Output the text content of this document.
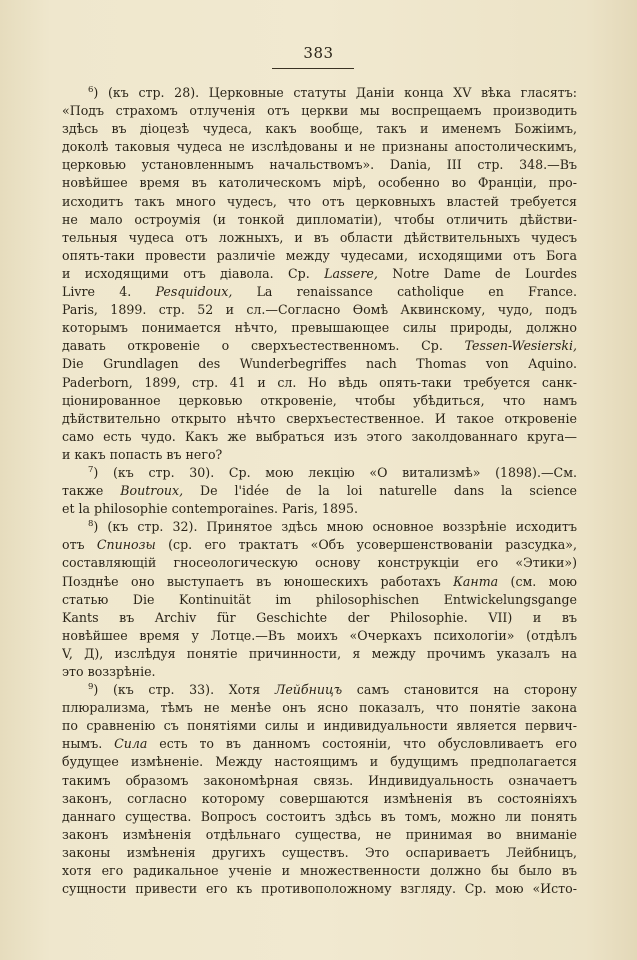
383
$^6$) (къ стр. 28). Церковные статуты Даніи конца XV вѣка гласятъ:
«Подъ страхомъ отлученія отъ церкви мы воспрещаемъ производить
здѣсь въ діоцезѣ чудеса, какъ вообще, такъ и именемъ Божіимъ,
доколѣ таковыя чудеса не изслѣдованы и не признаны апостолическимъ,
церковью установленнымъ начальствомъ». Dania, III стр. 348.—Въ
новѣйшее время въ католическомъ мірѣ, особенно во Франціи, про-
исходитъ такъ много чудесъ, что отъ церковныхъ властей требуется
не мало остроумія (и тонкой дипломатіи), чтобы отличить дѣйстви-
тельныя чудеса отъ ложныхъ, и въ области дѣйствительныхъ чудесъ
опять-таки провести различіе между чудесами, исходящими отъ Бога
и исходящими отъ діавола. Ср. Lasserе, Notre Dame de Lourdes
Livre 4. Pesquidoux, La renaissance catholique en France.
Paris, 1899. стр. 52 и сл.—Согласно Ѳомѣ Аквинскому, чудо, подъ
которымъ понимается нѣчто, превышающее силы природы, должно
давать откровеніе о сверхъестественномъ. Ср. Tessen-Wesierski,
Die Grundlagen des Wunderbegriffes nach Thomas von Aquino.
Paderborn, 1899, стр. 41 и сл. Но вѣдь опять-таки требуется санк-
ціонированное церковью откровеніе, чтобы убѣдиться, что намъ
дѣйствительно открыто нѣчто сверхъестественное. И такое откровеніе
само есть чудо. Какъ же выбраться изъ этого заколдованнаго круга—
и какъ попасть въ него?
$^7$) (къ стр. 30). Ср. мою лекцію «О витализмѣ» (1898).—См.
также Boutroux, De l'idée de la loi naturelle dans la science
et la philosophie contemporaines. Paris, 1895.
$^8$) (къ стр. 32). Принятое здѣсь мною основное воззрѣніе исходитъ
отъ Спинозы (ср. его трактатъ «Объ усовершенствованіи разсудка»,
составляющій гносеологическую основу конструкціи его «Этики»)
Позднѣе оно выступаетъ въ юношескихъ работахъ Канта (см. мою
статью Die Kontinuität im philosophischen Entwickelungsgange
Kants въ Archiv für Geschichte der Philosophie. VII) и въ
новѣйшее время у Лотце.—Въ моихъ «Очеркахъ психологіи» (отдѣлъ
V, Д), изслѣдуя понятіе причинности, я между прочимъ указалъ на
это воззрѣніе.
$^9$) (къ стр. 33). Хотя Лейбницъ самъ становится на сторону
плюрализма, тѣмъ не менѣе онъ ясно показалъ, что понятіе закона
по сравненію съ понятіями силы и индивидуальности является первич-
нымъ. Сила есть то въ данномъ состояніи, что обусловливаетъ его
будущее измѣненіе. Между настоящимъ и будущимъ предполагается
такимъ образомъ закономѣрная связь. Индивидуальность означаетъ
законъ, согласно которому совершаются измѣненія въ состояніяхъ
даннаго существа. Вопросъ состоитъ здѣсь въ томъ, можно ли понять
законъ измѣненія отдѣльнаго существа, не принимая во вниманіе
законы измѣненія другихъ существъ. Это оспариваетъ Лейбницъ,
хотя его радикальное ученіе и множественности должно бы было въ
сущности привести его къ противоположному взгляду. Ср. мою «Исто-
